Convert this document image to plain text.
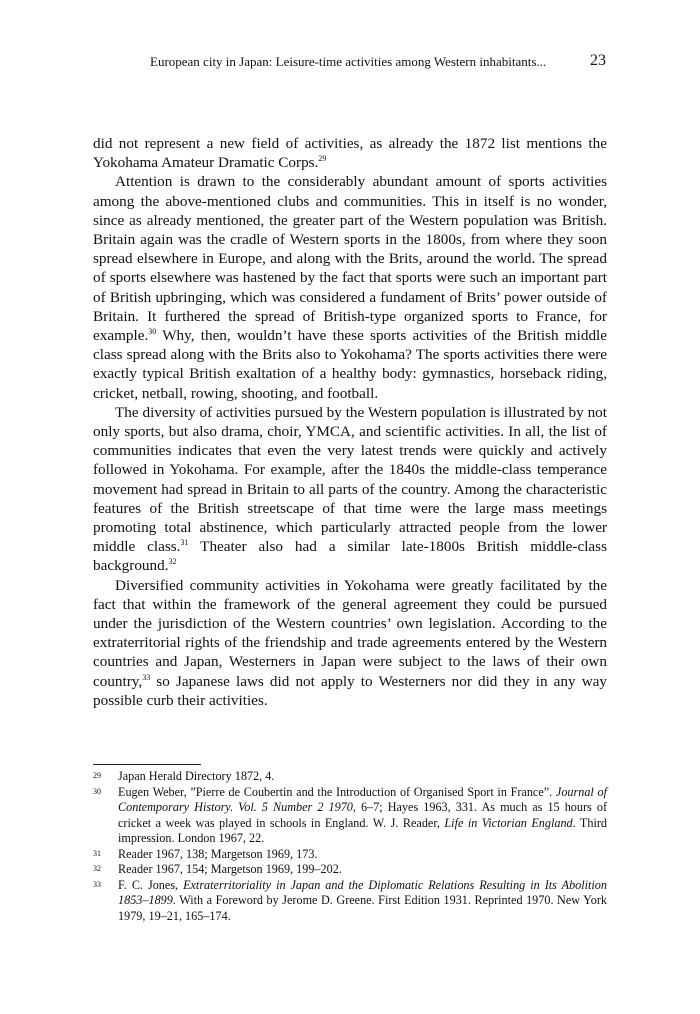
European city in Japan: Leisure-time activities among Western inhabitants...	23

did not represent a new field of activities, as already the 1872 list mentions the Yokohama Amateur Dramatic Corps.$^{29}$

Attention is drawn to the considerably abundant amount of sports activities among the above-mentioned clubs and communities. This in itself is no wonder, since as already mentioned, the greater part of the Western population was British. Britain again was the cradle of Western sports in the 1800s, from where they soon spread elsewhere in Europe, and along with the Brits, around the world. The spread of sports elsewhere was hastened by the fact that sports were such an important part of British upbringing, which was considered a fundament of Brits’ power outside of Britain. It furthered the spread of British-type organized sports to France, for example.$^{30}$ Why, then, wouldn’t have these sports activities of the British middle class spread along with the Brits also to Yokohama? The sports activities there were exactly typical British exaltation of a healthy body: gymnastics, horseback riding, cricket, netball, rowing, shooting, and football.

The diversity of activities pursued by the Western population is illustrated by not only sports, but also drama, choir, YMCA, and scientific activities. In all, the list of communities indicates that even the very latest trends were quickly and actively followed in Yokohama. For example, after the 1840s the middle-class temperance movement had spread in Britain to all parts of the country. Among the characteristic features of the British streetscape of that time were the large mass meetings promoting total abstinence, which particularly attracted people from the lower middle class.$^{31}$ Theater also had a similar late-1800s British middle-class background.$^{32}$

Diversified community activities in Yokohama were greatly facilitated by the fact that within the framework of the general agreement they could be pursued under the jurisdiction of the Western countries’ own legislation. According to the extraterritorial rights of the friendship and trade agreements entered by the Western countries and Japan, Westerners in Japan were subject to the laws of their own country,$^{33}$ so Japanese laws did not apply to Westerners nor did they in any way possible curb their activities.

29	Japan Herald Directory 1872, 4.
30	Eugen Weber, ”Pierre de Coubertin and the Introduction of Organised Sport in France”. Journal of Contemporary History. Vol. 5 Number 2 1970, 6–7; Hayes 1963, 331. As much as 15 hours of cricket a week was played in schools in England. W. J. Reader, Life in Victorian England. Third impression. London 1967, 22.
31	Reader 1967, 138; Margetson 1969, 173.
32	Reader 1967, 154; Margetson 1969, 199–202.
33	F. C. Jones, Extraterritoriality in Japan and the Diplomatic Relations Resulting in Its Abolition 1853–1899. With a Foreword by Jerome D. Greene. First Edition 1931. Reprinted 1970. New York 1979, 19–21, 165–174.
